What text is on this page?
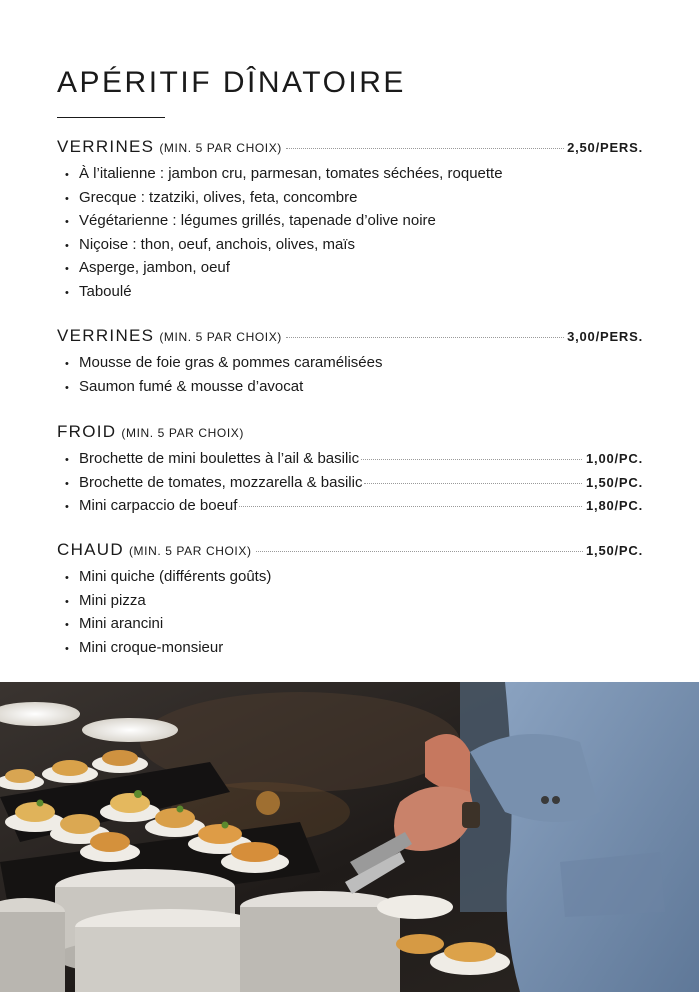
APÉRITIF DÎNATOIRE
VERRINES (MIN. 5 PAR CHOIX)	2,50/PERS.
• À l’italienne : jambon cru, parmesan, tomates séchées, roquette
• Grecque : tzatziki, olives, feta, concombre
• Végétarienne : légumes grillés, tapenade d’olive noire
• Niçoise : thon, oeuf, anchois, olives, maïs
• Asperge, jambon, oeuf
• Taboulé
VERRINES (MIN. 5 PAR CHOIX)	3,00/PERS.
• Mousse de foie gras & pommes caramélisées
• Saumon fumé & mousse d’avocat
FROID (MIN. 5 PAR CHOIX)
• Brochette de mini boulettes à l’ail & basilic	1,00/PC.
• Brochette de tomates, mozzarella & basilic	1,50/PC.
• Mini carpaccio de boeuf	1,80/PC.
CHAUD (MIN. 5 PAR CHOIX)	1,50/PC.
• Mini quiche (différents goûts)
• Mini pizza
• Mini arancini
• Mini croque-monsieur
